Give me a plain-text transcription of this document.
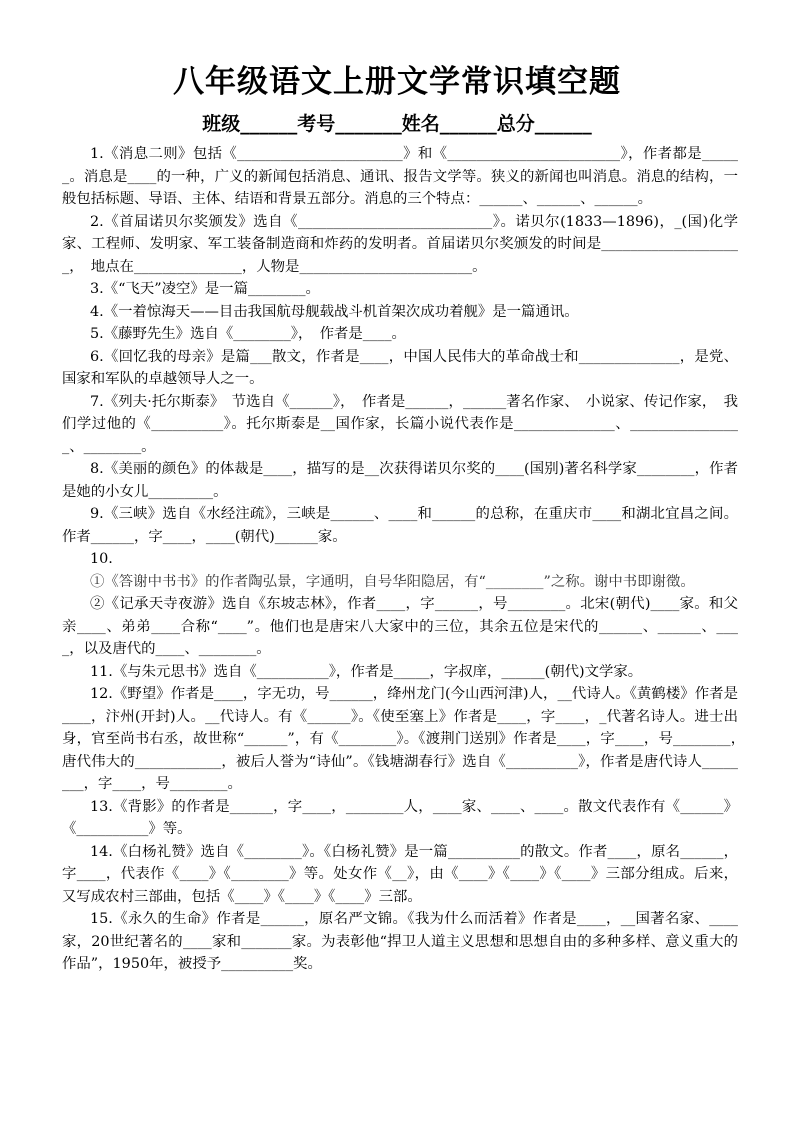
八年级语文上册文学常识填空题
班级______考号_______姓名______总分______

1.《消息二则》包括《_______________________》和《________________________》，作者都是______。消息是____的一种，广义的新闻包括消息、通讯、报告文学等。狭义的新闻也叫消息。消息的结构，一般包括标题、导语、主体、结语和背景五部分。消息的三个特点：______、______、______。

2.《首届诺贝尔奖颁发》选自《___________________________》。诺贝尔(1833—1896)，_(国)化学家、工程师、发明家、军工装备制造商和炸药的发明者。首届诺贝尔奖颁发的时间是____________________，　地点在_______________，人物是________________________。

3.《“飞天”凌空》是一篇________。

4.《一着惊海天——目击我国航母舰载战斗机首架次成功着舰》是一篇通讯。

5.《藤野先生》选自《________》，　作者是____。

6.《回忆我的母亲》是篇___散文，作者是____，中国人民伟大的革命战士和______________，是党、国家和军队的卓越领导人之一。

7.《列夫·托尔斯泰》　节选自《______》，　作者是______，______著名作家、　小说家、传记作家，　我们学过他的《__________》。托尔斯泰是__国作家，长篇小说代表作是______________、________________、________。

8.《美丽的颜色》的体裁是____，描写的是__次获得诺贝尔奖的____(国别)著名科学家________，作者是她的小女儿_________。

9.《三峡》选自《水经注疏》，三峡是______、____和______的总称，在重庆市____和湖北宜昌之间。作者______，字____，____(朝代)______家。

10.

①《答谢中书书》的作者陶弘景，字通明，自号华阳隐居，有“________”之称。谢中书即谢徵。

②《记承天寺夜游》选自《东坡志林》，作者____，字______，号________。北宋(朝代)____家。和父亲____、弟弟____合称“____”。他们也是唐宋八大家中的三位，其余五位是宋代的______、______、____，以及唐代的____、________。

11.《与朱元思书》选自《__________》，作者是_____，字叔庠，______(朝代)文学家。

12.《野望》作者是____，字无功，号______，绛州龙门(今山西河津)人，__代诗人。《黄鹤楼》作者是____，汴州(开封)人。__代诗人。有《______》。《使至塞上》作者是____，字____，_代著名诗人。进士出身，官至尚书右丞，故世称“______”，有《________》。《渡荆门送别》作者是____，字____，号________，　唐代伟大的____________，被后人誉为“诗仙”。《钱塘湖春行》选自《__________》，作者是唐代诗人________，字____，号________。

13.《背影》的作者是______，字____，________人，____家、____、____。散文代表作有《______》《__________》等。

14.《白杨礼赞》选自《________》。《白杨礼赞》是一篇__________的散文。作者____，原名______，字____，代表作《____》《________》等。处女作《__》，由《____》《____》《____》三部分组成。后来，又写成农村三部曲，包括《____》《____》《____》三部。

15.《永久的生命》作者是______，原名严文锦。《我为什么而活着》作者是____，__国著名家、____家，20世纪著名的____家和_______家。为表彰他“捍卫人道主义思想和思想自由的多种多样、意义重大的作品”，1950年，被授予__________奖。
